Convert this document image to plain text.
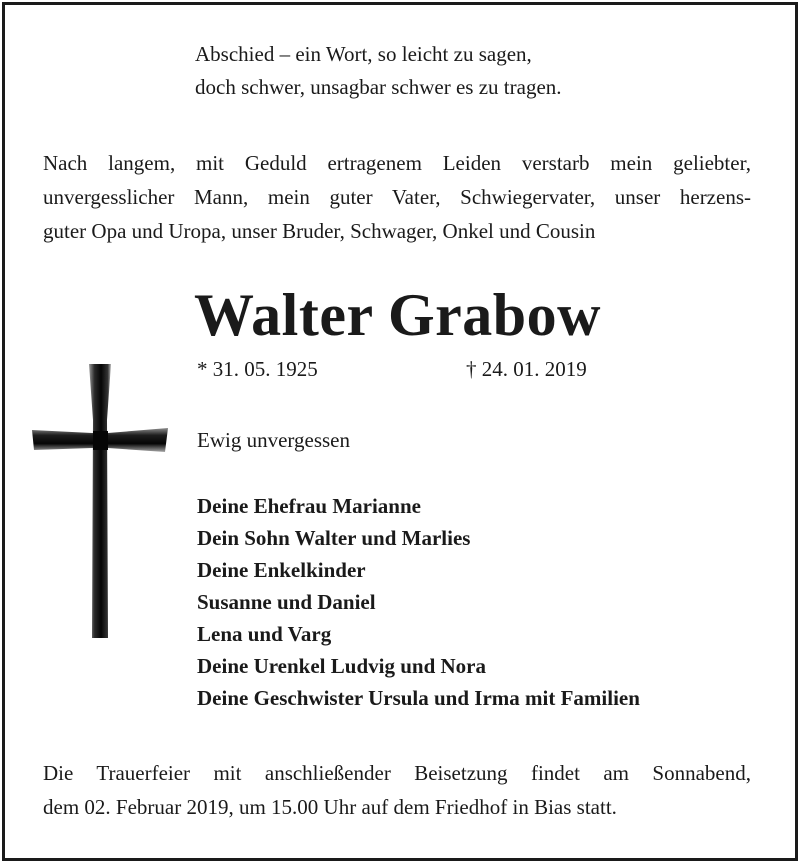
Abschied – ein Wort, so leicht zu sagen,
doch schwer, unsagbar schwer es zu tragen.

Nach langem, mit Geduld ertragenem Leiden verstarb mein geliebter,
unvergesslicher Mann, mein guter Vater, Schwiegervater, unser herzens-
guter Opa und Uropa, unser Bruder, Schwager, Onkel und Cousin

Walter Grabow
* 31. 05. 1925	† 24. 01. 2019
Ewig unvergessen
Deine Ehefrau Marianne
Dein Sohn Walter und Marlies
Deine Enkelkinder
Susanne und Daniel
Lena und Varg
Deine Urenkel Ludvig und Nora
Deine Geschwister Ursula und Irma mit Familien

Die Trauerfeier mit anschließender Beisetzung findet am Sonnabend,
dem 02. Februar 2019, um 15.00 Uhr auf dem Friedhof in Bias statt.
